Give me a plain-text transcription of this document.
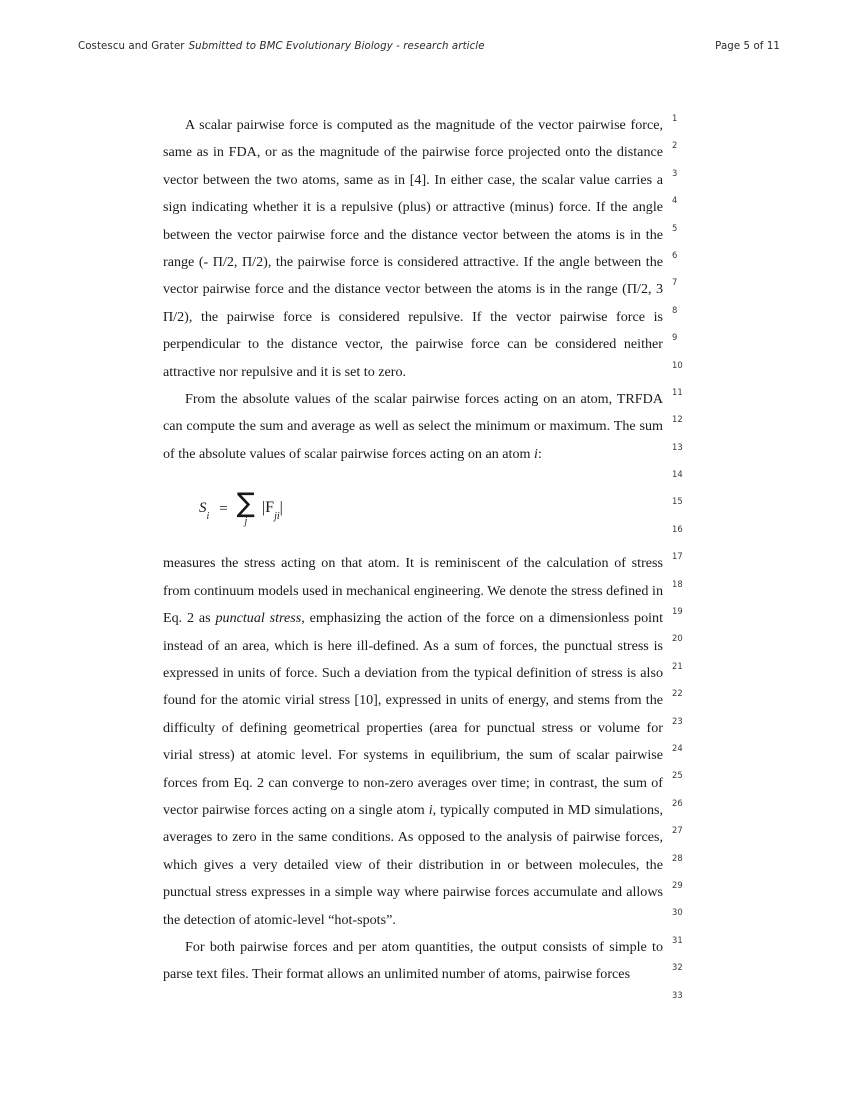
Costescu and Grater Submitted to BMC Evolutionary Biology - research article	Page 5 of 11

A scalar pairwise force is computed as the magnitude of the vector pairwise force, same as in FDA, or as the magnitude of the pairwise force projected onto the distance vector between the two atoms, same as in [4]. In either case, the scalar value carries a sign indicating whether it is a repulsive (plus) or attractive (minus) force. If the angle between the vector pairwise force and the distance vector between the atoms is in the range (- Π/2, Π/2), the pairwise force is considered attractive. If the angle between the vector pairwise force and the distance vector between the atoms is in the range (Π/2, 3 Π/2), the pairwise force is considered repulsive. If the vector pairwise force is perpendicular to the distance vector, the pairwise force can be considered neither attractive nor repulsive and it is set to zero.

From the absolute values of the scalar pairwise forces acting on an atom, TRFDA can compute the sum and average as well as select the minimum or maximum. The sum of the absolute values of scalar pairwise forces acting on an atom i:

$S_i$ = ∑
j
$|F_{ji}|$

measures the stress acting on that atom. It is reminiscent of the calculation of stress from continuum models used in mechanical engineering. We denote the stress defined in Eq. 2 as punctual stress, emphasizing the action of the force on a dimensionless point instead of an area, which is here ill-defined. As a sum of forces, the punctual stress is expressed in units of force. Such a deviation from the typical definition of stress is also found for the atomic virial stress [10], expressed in units of energy, and stems from the difficulty of defining geometrical properties (area for punctual stress or volume for virial stress) at atomic level. For systems in equilibrium, the sum of scalar pairwise forces from Eq. 2 can converge to non-zero averages over time; in contrast, the sum of vector pairwise forces acting on a single atom i, typically computed in MD simulations, averages to zero in the same conditions. As opposed to the analysis of pairwise forces, which gives a very detailed view of their distribution in or between molecules, the punctual stress expresses in a simple way where pairwise forces accumulate and allows the detection of atomic-level “hot-spots”.

For both pairwise forces and per atom quantities, the output consists of simple to parse text files. Their format allows an unlimited number of atoms, pairwise forces

1
2
3
4
5
6
7
8
9
10
11
12
13
14
15
16
17
18
19
20
21
22
23
24
25
26
27
28
29
30
31
32
33
